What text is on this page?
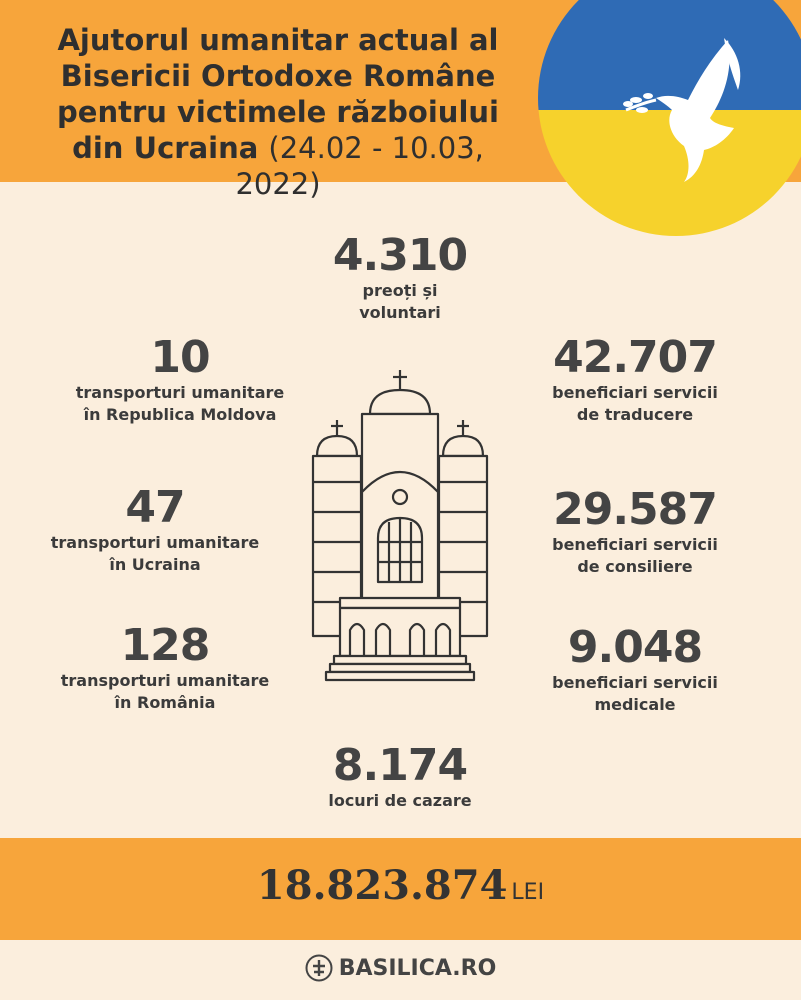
Ajutorul umanitar actual al Bisericii Ortodoxe Române pentru victimele războiului din Ucraina (24.02 - 10.03, 2022)
4.310
preoți și
voluntari
10
transporturi umanitare
în Republica Moldova
47
transporturi umanitare
în Ucraina
128
transporturi umanitare
în România
42.707
beneficiari servicii
de traducere
29.587
beneficiari servicii
de consiliere
9.048
beneficiari servicii
medicale
8.174
locuri de cazare
18.823.874 LEI
BASILICA.RO
